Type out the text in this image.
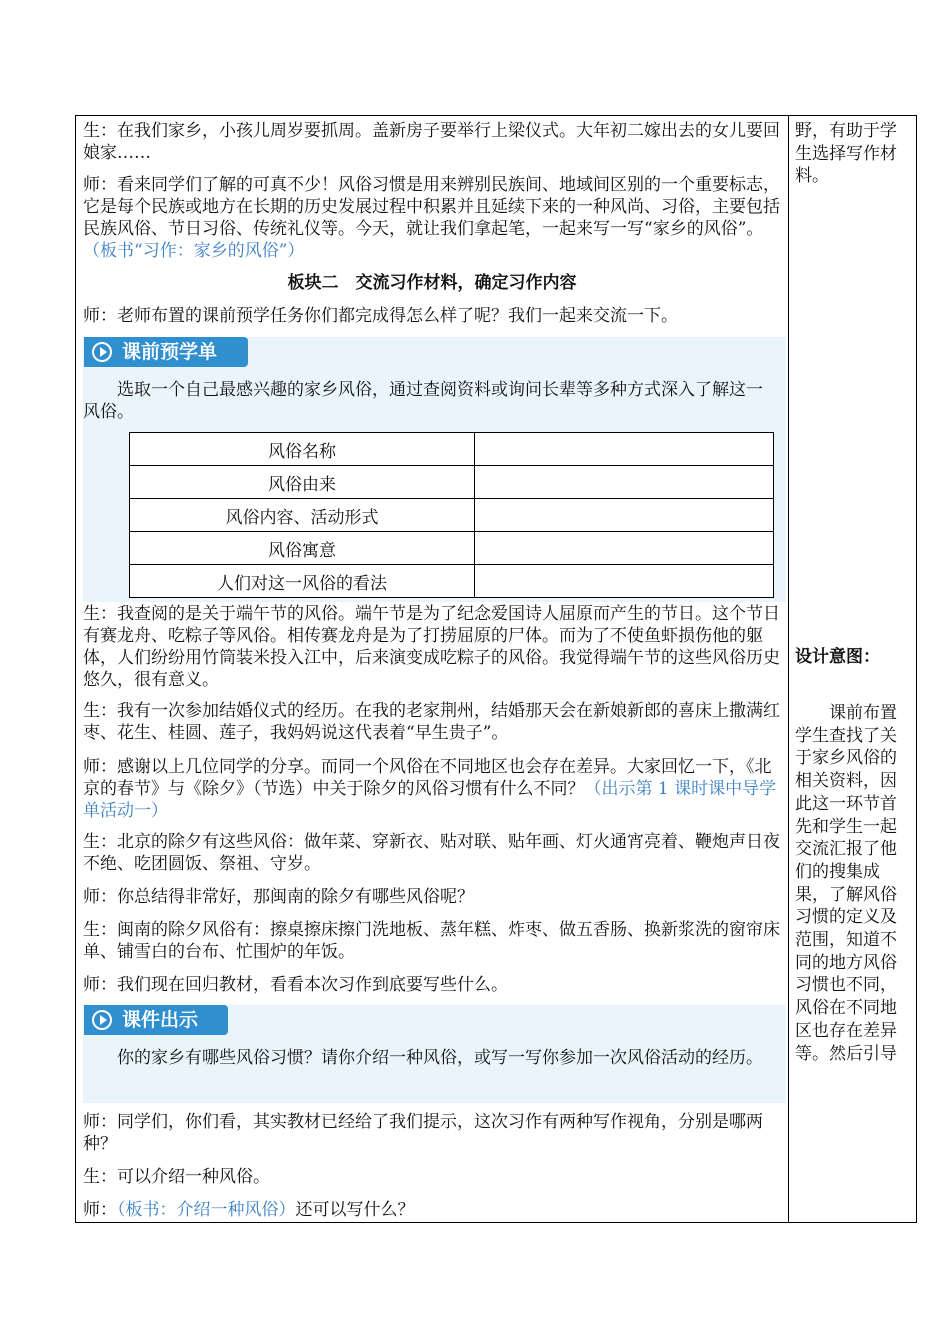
生：在我们家乡，小孩儿周岁要抓周。盖新房子要举行上梁仪式。大年初二嫁出去的女儿要回娘家……

师：看来同学们了解的可真不少！风俗习惯是用来辨别民族间、地域间区别的一个重要标志，它是每个民族或地方在长期的历史发展过程中积累并且延续下来的一种风尚、习俗，主要包括民族风俗、节日习俗、传统礼仪等。今天，就让我们拿起笔，一起来写一写“家乡的风俗”。（板书“习作：家乡的风俗”）

板块二　交流习作材料，确定习作内容

师：老师布置的课前预学任务你们都完成得怎么样了呢？我们一起来交流一下。

课前预学单

选取一个自己最感兴趣的家乡风俗，通过查阅资料或询问长辈等多种方式深入了解这一风俗。

风俗名称	
风俗由来	
风俗内容、活动形式	
风俗寓意	
人们对这一风俗的看法	

生：我查阅的是关于端午节的风俗。端午节是为了纪念爱国诗人屈原而产生的节日。这个节日有赛龙舟、吃粽子等风俗。相传赛龙舟是为了打捞屈原的尸体。而为了不使鱼虾损伤他的躯体，人们纷纷用竹筒装米投入江中，后来演变成吃粽子的风俗。我觉得端午节的这些风俗历史悠久，很有意义。

生：我有一次参加结婚仪式的经历。在我的老家荆州，结婚那天会在新娘新郎的喜床上撒满红枣、花生、桂圆、莲子，我妈妈说这代表着“早生贵子”。

师：感谢以上几位同学的分享。而同一个风俗在不同地区也会存在差异。大家回忆一下，《北京的春节》与《除夕》（节选）中关于除夕的风俗习惯有什么不同？（出示第 1 课时课中导学单活动一）

生：北京的除夕有这些风俗：做年菜、穿新衣、贴对联、贴年画、灯火通宵亮着、鞭炮声日夜不绝、吃团圆饭、祭祖、守岁。

师：你总结得非常好，那闽南的除夕有哪些风俗呢？

生：闽南的除夕风俗有：擦桌擦床擦门洗地板、蒸年糕、炸枣、做五香肠、换新浆洗的窗帘床单、铺雪白的台布、忙围炉的年饭。

师：我们现在回归教材，看看本次习作到底要写些什么。

课件出示

你的家乡有哪些风俗习惯？请你介绍一种风俗，或写一写你参加一次风俗活动的经历。

师：同学们，你们看，其实教材已经给了我们提示，这次习作有两种写作视角，分别是哪两种？

生：可以介绍一种风俗。

师：（板书：介绍一种风俗）还可以写什么？

野，有助于学生选择写作材料。

设计意图：

课前布置学生查找了关于家乡风俗的相关资料，因此这一环节首先和学生一起交流汇报了他们的搜集成果，了解风俗习惯的定义及范围，知道不同的地方风俗习惯也不同，风俗在不同地区也存在差异等。然后引导
